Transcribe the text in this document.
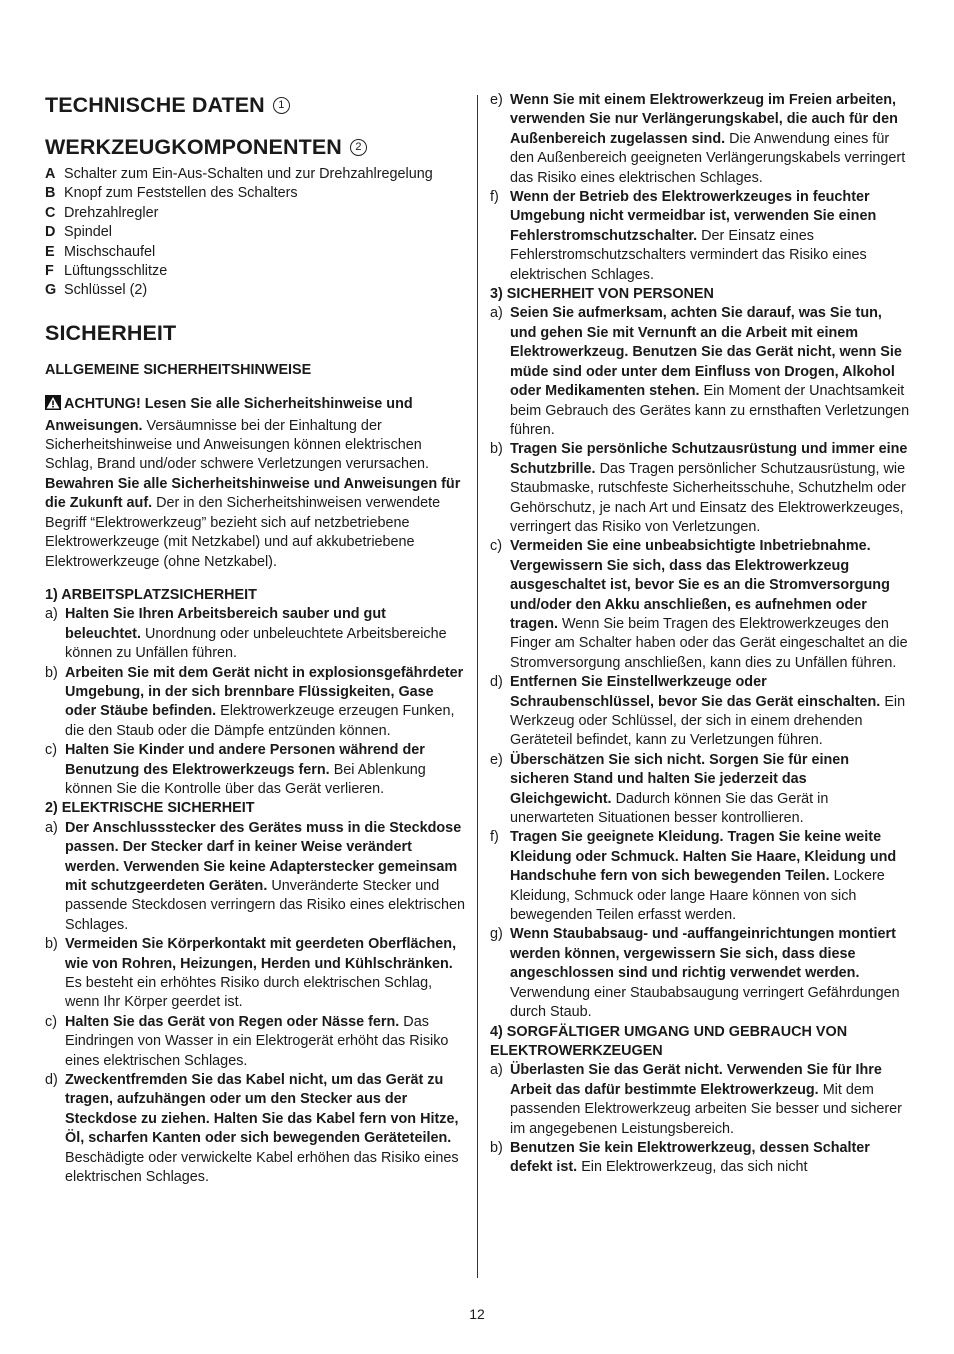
TECHNISCHE DATEN	1
WERKZEUGKOMPONENTEN	2
A Schalter zum Ein-Aus-Schalten und zur Drehzahlregelung
B Knopf zum Feststellen des Schalters
C Drehzahlregler
D Spindel
E Mischschaufel
F Lüftungsschlitze
G Schlüssel (2)
SICHERHEIT
ALLGEMEINE SICHERHEITSHINWEISE

ACHTUNG! Lesen Sie alle Sicherheitshinweise und Anweisungen. Versäumnisse bei der Einhaltung der Sicherheitshinweise und Anweisungen können elektrischen Schlag, Brand und/oder schwere Verletzungen verursachen. Bewahren Sie alle Sicherheitshinweise und Anweisungen für die Zukunft auf. Der in den Sicherheitshinweisen verwendete Begriff “Elektrowerkzeug” bezieht sich auf netzbetriebene Elektrowerkzeuge (mit Netzkabel) und auf akkubetriebene Elektrowerkzeuge (ohne Netzkabel).

1) ARBEITSPLATZSICHERHEIT
a) Halten Sie Ihren Arbeitsbereich sauber und gut beleuchtet. Unordnung oder unbeleuchtete Arbeitsbereiche können zu Unfällen führen.
b) Arbeiten Sie mit dem Gerät nicht in explosionsgefährdeter Umgebung, in der sich brennbare Flüssigkeiten, Gase oder Stäube befinden. Elektrowerkzeuge erzeugen Funken, die den Staub oder die Dämpfe entzünden können.
c) Halten Sie Kinder und andere Personen während der Benutzung des Elektrowerkzeugs fern. Bei Ablenkung können Sie die Kontrolle über das Gerät verlieren.
2) ELEKTRISCHE SICHERHEIT
a) Der Anschlussstecker des Gerätes muss in die Steckdose passen. Der Stecker darf in keiner Weise verändert werden. Verwenden Sie keine Adapterstecker gemeinsam mit schutzgeerdeten Geräten. Unveränderte Stecker und passende Steckdosen verringern das Risiko eines elektrischen Schlages.
b) Vermeiden Sie Körperkontakt mit geerdeten Oberflächen, wie von Rohren, Heizungen, Herden und Kühlschränken. Es besteht ein erhöhtes Risiko durch elektrischen Schlag, wenn Ihr Körper geerdet ist.
c) Halten Sie das Gerät von Regen oder Nässe fern. Das Eindringen von Wasser in ein Elektrogerät erhöht das Risiko eines elektrischen Schlages.
d) Zweckentfremden Sie das Kabel nicht, um das Gerät zu tragen, aufzuhängen oder um den Stecker aus der Steckdose zu ziehen. Halten Sie das Kabel fern von Hitze, Öl, scharfen Kanten oder sich bewegenden Geräteteilen. Beschädigte oder verwickelte Kabel erhöhen das Risiko eines elektrischen Schlages.
e) Wenn Sie mit einem Elektrowerkzeug im Freien arbeiten, verwenden Sie nur Verlängerungskabel, die auch für den Außenbereich zugelassen sind. Die Anwendung eines für den Außenbereich geeigneten Verlängerungskabels verringert das Risiko eines elektrischen Schlages.
f) Wenn der Betrieb des Elektrowerkzeuges in feuchter Umgebung nicht vermeidbar ist, verwenden Sie einen Fehlerstromschutzschalter. Der Einsatz eines Fehlerstromschutzschalters vermindert das Risiko eines elektrischen Schlages.
3) SICHERHEIT VON PERSONEN
a) Seien Sie aufmerksam, achten Sie darauf, was Sie tun, und gehen Sie mit Vernunft an die Arbeit mit einem Elektrowerkzeug. Benutzen Sie das Gerät nicht, wenn Sie müde sind oder unter dem Einfluss von Drogen, Alkohol oder Medikamenten stehen. Ein Moment der Unachtsamkeit beim Gebrauch des Gerätes kann zu ernsthaften Verletzungen führen.
b) Tragen Sie persönliche Schutzausrüstung und immer eine Schutzbrille. Das Tragen persönlicher Schutzausrüstung, wie Staubmaske, rutschfeste Sicherheitsschuhe, Schutzhelm oder Gehörschutz, je nach Art und Einsatz des Elektrowerkzeuges, verringert das Risiko von Verletzungen.
c) Vermeiden Sie eine unbeabsichtigte Inbetriebnahme. Vergewissern Sie sich, dass das Elektrowerkzeug ausgeschaltet ist, bevor Sie es an die Stromversorgung und/oder den Akku anschließen, es aufnehmen oder tragen. Wenn Sie beim Tragen des Elektrowerkzeuges den Finger am Schalter haben oder das Gerät eingeschaltet an die Stromversorgung anschließen, kann dies zu Unfällen führen.
d) Entfernen Sie Einstellwerkzeuge oder Schraubenschlüssel, bevor Sie das Gerät einschalten. Ein Werkzeug oder Schlüssel, der sich in einem drehenden Geräteteil befindet, kann zu Verletzungen führen.
e) Überschätzen Sie sich nicht. Sorgen Sie für einen sicheren Stand und halten Sie jederzeit das Gleichgewicht. Dadurch können Sie das Gerät in unerwarteten Situationen besser kontrollieren.
f) Tragen Sie geeignete Kleidung. Tragen Sie keine weite Kleidung oder Schmuck. Halten Sie Haare, Kleidung und Handschuhe fern von sich bewegenden Teilen. Lockere Kleidung, Schmuck oder lange Haare können von sich bewegenden Teilen erfasst werden.
g) Wenn Staubabsaug- und -auffangeinrichtungen montiert werden können, vergewissern Sie sich, dass diese angeschlossen sind und richtig verwendet werden. Verwendung einer Staubabsaugung verringert Gefährdungen durch Staub.
4) SORGFÄLTIGER UMGANG UND GEBRAUCH VON ELEKTROWERKZEUGEN
a) Überlasten Sie das Gerät nicht. Verwenden Sie für Ihre Arbeit das dafür bestimmte Elektrowerkzeug. Mit dem passenden Elektrowerkzeug arbeiten Sie besser und sicherer im angegebenen Leistungsbereich.
b) Benutzen Sie kein Elektrowerkzeug, dessen Schalter defekt ist. Ein Elektrowerkzeug, das sich nicht
12
